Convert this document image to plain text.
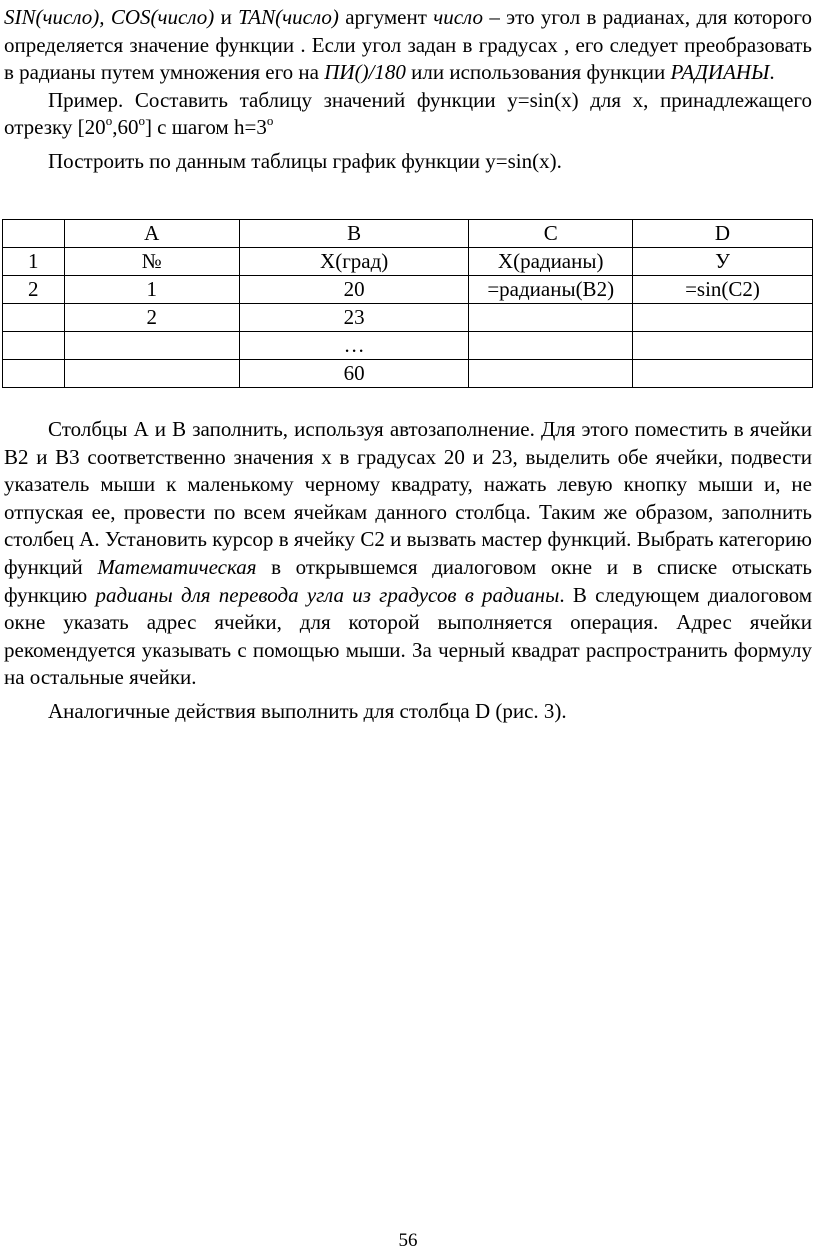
SIN(число), COS(число) и TAN(число) аргумент число – это угол в радианах, для которого определяется значение функции . Если угол задан в градусах , его следует преобразовать в радианы путем умножения его на ПИ()/180 или использования функции РАДИАНЫ.

Пример. Составить таблицу значений функции y=sin(x) для x, принадлежащего отрезку [20$^o$,60$^o$] с шагом $h=3^o$

Построить по данным таблицы график функции y=sin(x).

	A	B	C	D
1	№	X(град)	X(радианы)	У
2	1	20	=радианы(B2)	=sin(C2)
	2	23		
		…		
		60		

Столбцы А и В заполнить, используя автозаполнение. Для этого поместить в ячейки В2 и В3 соответственно значения х в градусах 20 и 23, выделить обе ячейки, подвести указатель мыши к маленькому черному квадрату, нажать левую кнопку мыши и, не отпуская ее, провести по всем ячейкам данного столбца. Таким же образом, заполнить столбец А. Установить курсор в ячейку С2 и вызвать мастер функций. Выбрать категорию функций Математическая в открывшемся диалоговом окне и в списке отыскать функцию радианы для перевода угла из градусов в радианы. В следующем диалоговом окне указать адрес ячейки, для которой выполняется операция. Адрес ячейки рекомендуется указывать с помощью мыши. За черный квадрат распространить формулу на остальные ячейки.

Аналогичные действия выполнить для столбца D (рис. 3).

56
